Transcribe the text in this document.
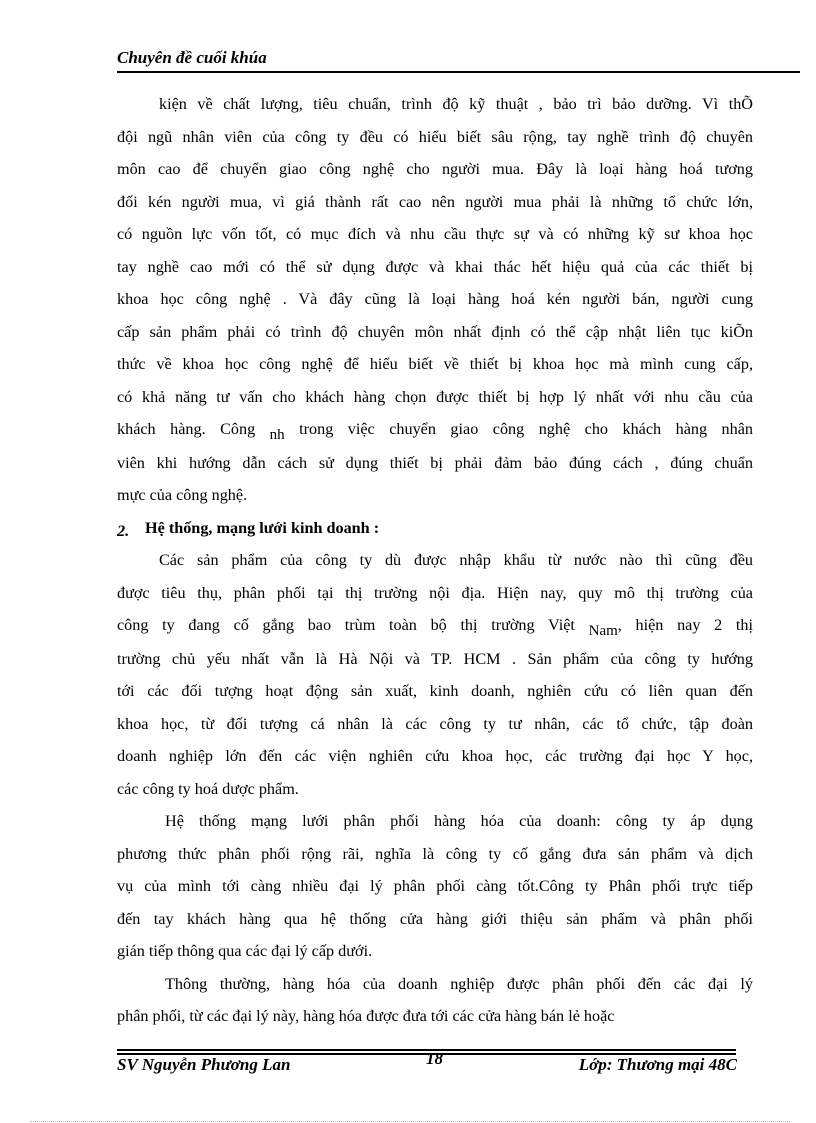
Chuyên đề cuối khúa

kiện về chất lượng, tiêu chuẩn, trình độ kỹ thuật , bảo trì bảo dưỡng. Vì thÕ

đội ngũ nhân viên của công ty đều có hiểu biết sâu rộng, tay nghề trình độ chuyên

môn cao để chuyển giao công nghệ cho người mua. Đây là loại hàng hoá tương

đối kén người mua, vì giá thành rất cao nên người mua phải là những tổ chức lớn,

có nguồn lực vốn tốt, có mục đích và nhu cầu thực sự và có những kỹ sư khoa học

tay nghề cao mới có thể sử dụng được và khai thác hết hiệu quả của các thiết bị

khoa học công nghệ . Và đây cũng là loại hàng hoá kén người bán, người cung

cấp sản phẩm phải có trình độ chuyên môn nhất định có thể cập nhật liên tục kiÕn

thức về khoa học công nghệ để hiểu biết về thiết bị khoa học mà mình cung cấp,

có khả năng tư vấn cho khách hàng chọn được thiết bị hợp lý nhất với nhu cầu của

khách hàng. Công nh trong việc chuyển giao công nghệ cho khách hàng nhân

viên khi hướng dẫn cách sử dụng thiết bị phải đảm bảo đúng cách , đúng chuẩn

mực của công nghệ.

2. Hệ thống, mạng lưới kinh doanh :

Các sản phẩm của công ty dù được nhập khẩu từ nước nào thì cũng đều

được tiêu thụ, phân phối tại thị trường nội địa. Hiện nay, quy mô thị trường của

công ty đang cố gắng bao trùm toàn bộ thị trường Việt Nam, hiện nay 2 thị

trường chủ yếu nhất vẫn là Hà Nội và TP. HCM . Sản phẩm của công ty hướng

tới các đối tượng hoạt động sản xuất, kinh doanh, nghiên cứu có liên quan đến

khoa học, từ đối tượng cá nhân là các công ty tư nhân, các tổ chức, tập đoàn

doanh nghiệp lớn đến các viện nghiên cứu khoa học, các trường đại học Y học,

các công ty hoá dược phẩm.

Hệ thống mạng lưới phân phối hàng hóa của doanh: công ty áp dụng

phương thức phân phối rộng rãi, nghĩa là công ty cố gắng đưa sản phẩm và dịch

vụ của mình tới càng nhiều đại lý phân phối càng tốt.Công ty Phân phối trực tiếp

đến tay khách hàng qua hệ thống cửa hàng giới thiệu sản phẩm và phân phối

gián tiếp thông qua các đại lý cấp dưới.

Thông thường, hàng hóa của doanh nghiệp được phân phối đến các đại lý

phân phối, từ các đại lý này, hàng hóa được đưa tới các cửa hàng bán lẻ hoặc

SV Nguyễn Phương Lan	18	Lớp: Thương mại 48C
